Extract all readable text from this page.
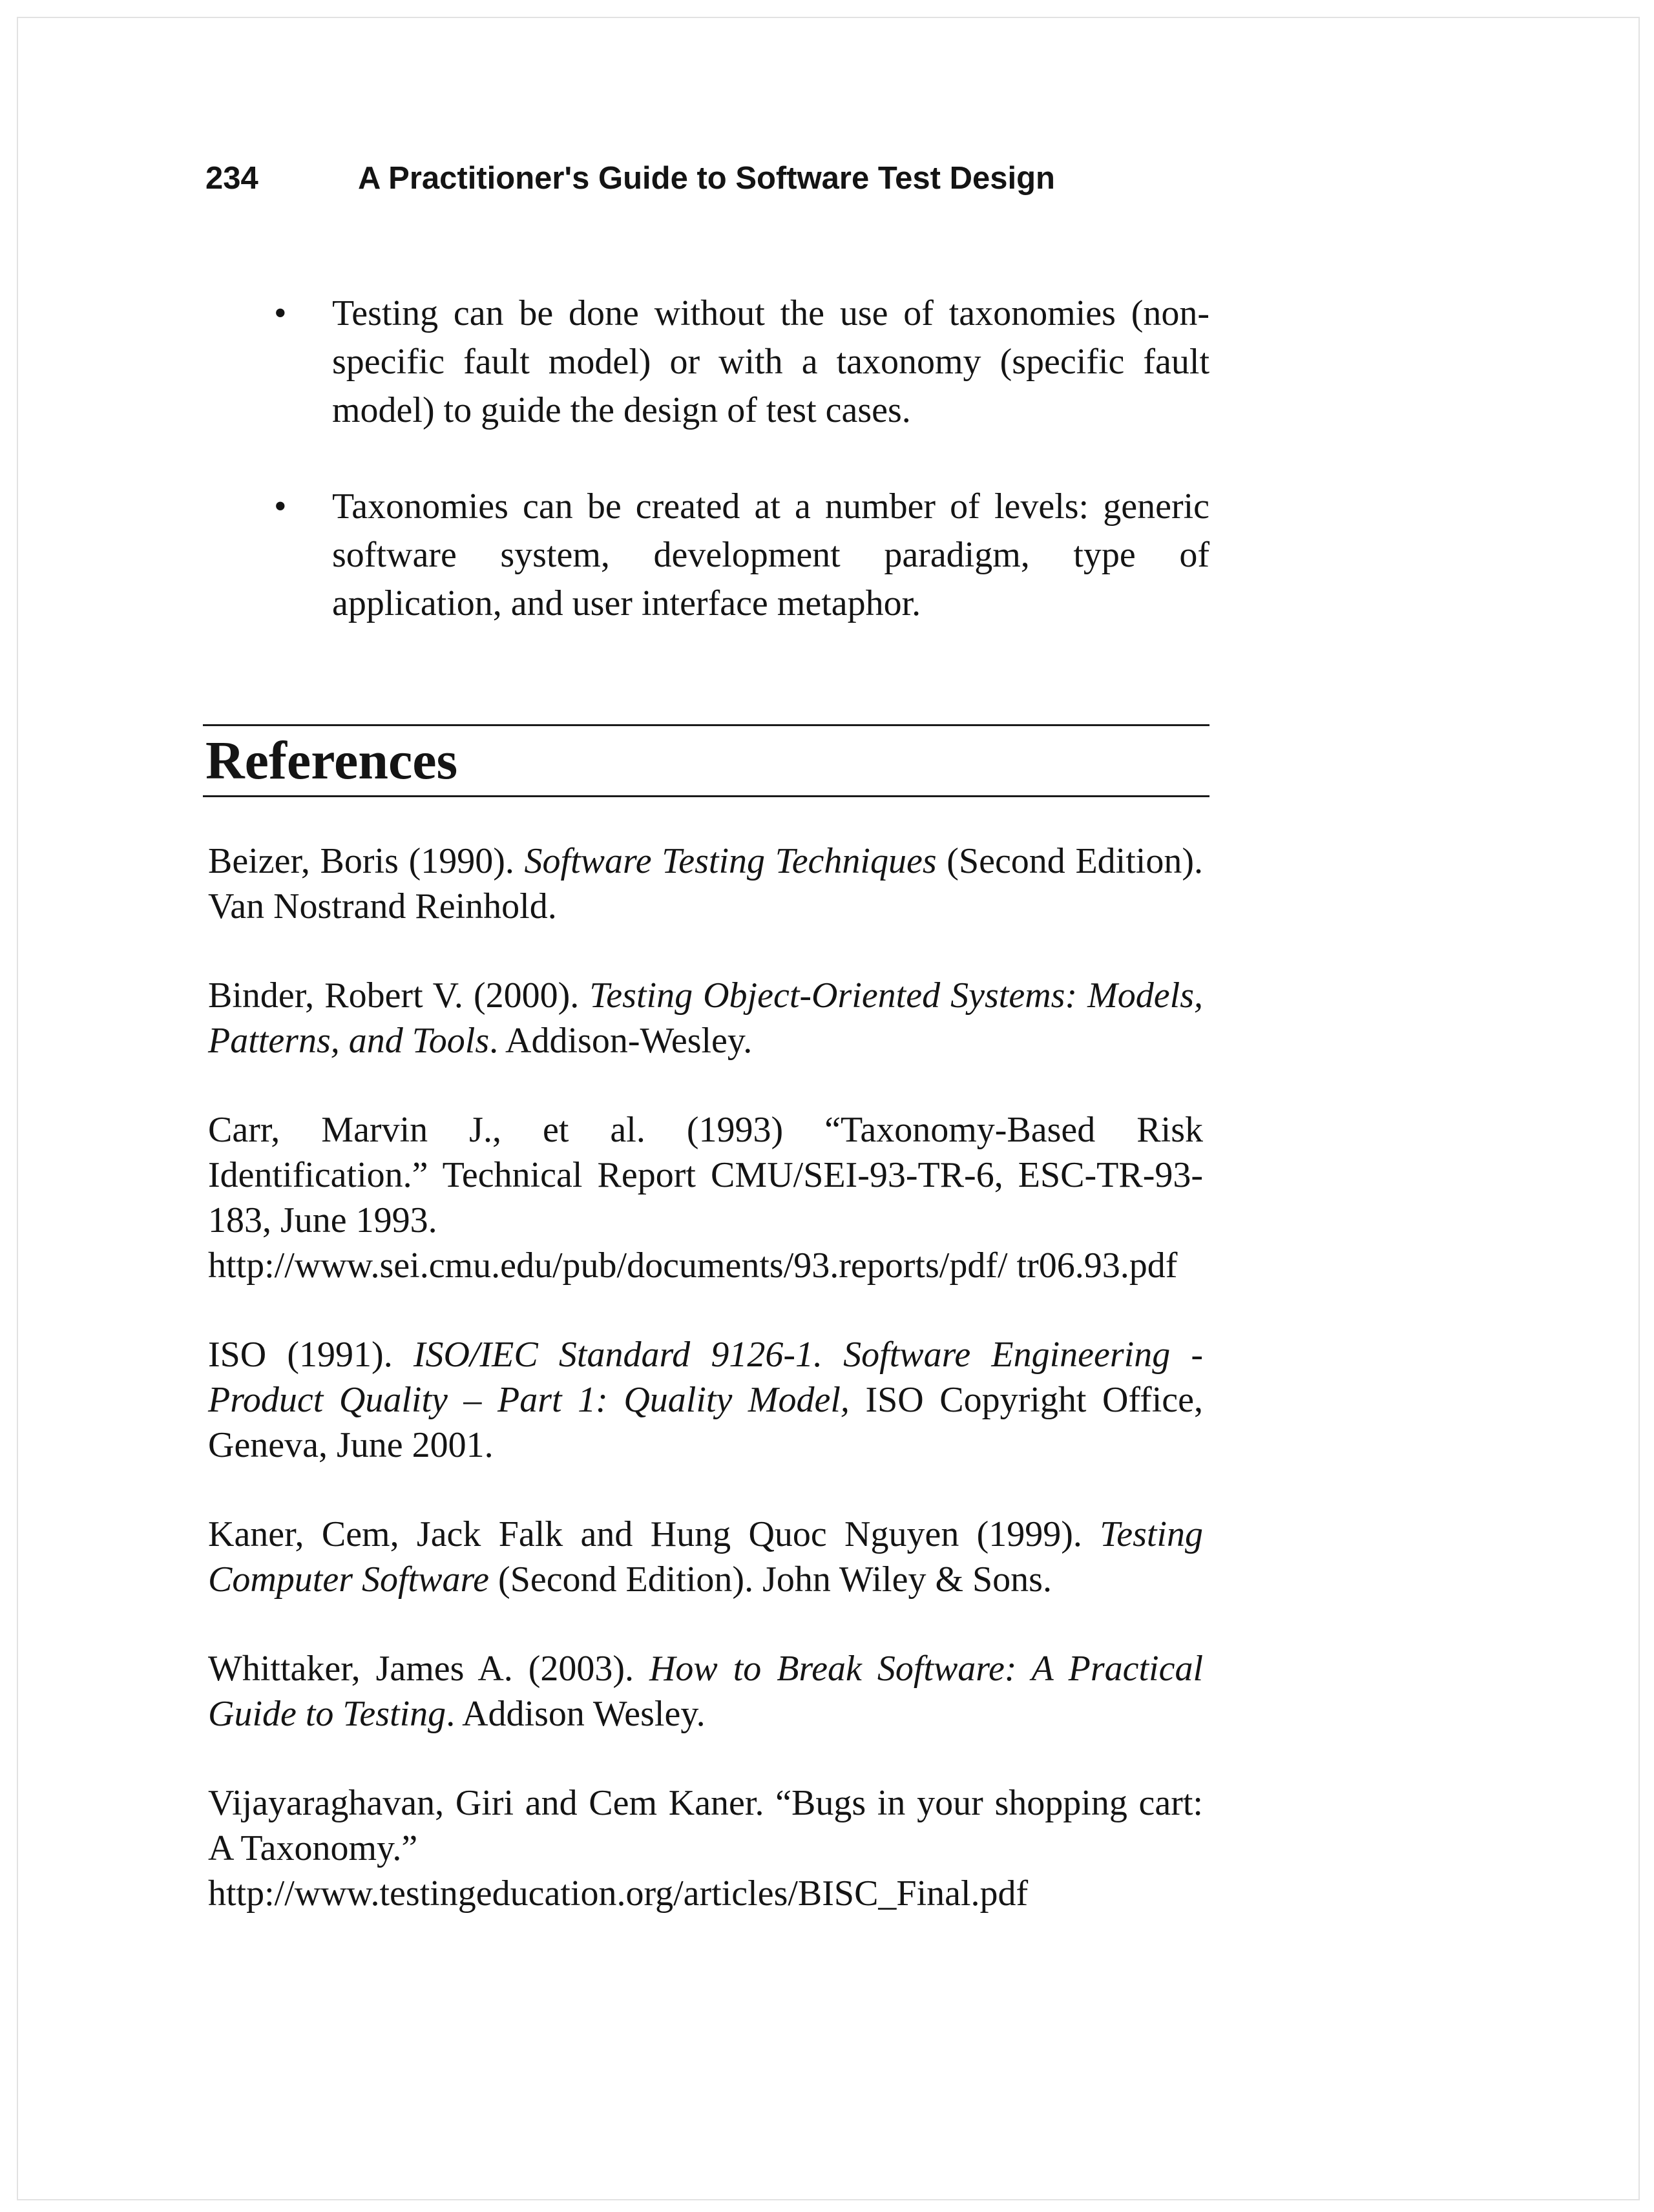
234	A Practitioner's Guide to Software Test Design
• Testing can be done without the use of taxonomies (non-specific fault model) or with a taxonomy (specific fault model) to guide the design of test cases.
• Taxonomies can be created at a number of levels: generic software system, development paradigm, type of application, and user interface metaphor.
References

Beizer, Boris (1990). Software Testing Techniques (Second Edition). Van Nostrand Reinhold.

Binder, Robert V. (2000). Testing Object-Oriented Systems: Models, Patterns, and Tools. Addison-Wesley.

Carr, Marvin J., et al. (1993) “Taxonomy-Based Risk Identification.” Technical Report CMU/SEI-93-TR-6, ESC-TR-93-183, June 1993.
http://www.sei.cmu.edu/pub/documents/93.reports/pdf/ tr06.93.pdf

ISO (1991). ISO/IEC Standard 9126-1. Software Engineering - Product Quality – Part 1: Quality Model, ISO Copyright Office, Geneva, June 2001.

Kaner, Cem, Jack Falk and Hung Quoc Nguyen (1999). Testing Computer Software (Second Edition). John Wiley & Sons.

Whittaker, James A. (2003). How to Break Software: A Practical Guide to Testing. Addison Wesley.

Vijayaraghavan, Giri and Cem Kaner. “Bugs in your shopping cart: A Taxonomy.”
http://www.testingeducation.org/articles/BISC_Final.pdf
